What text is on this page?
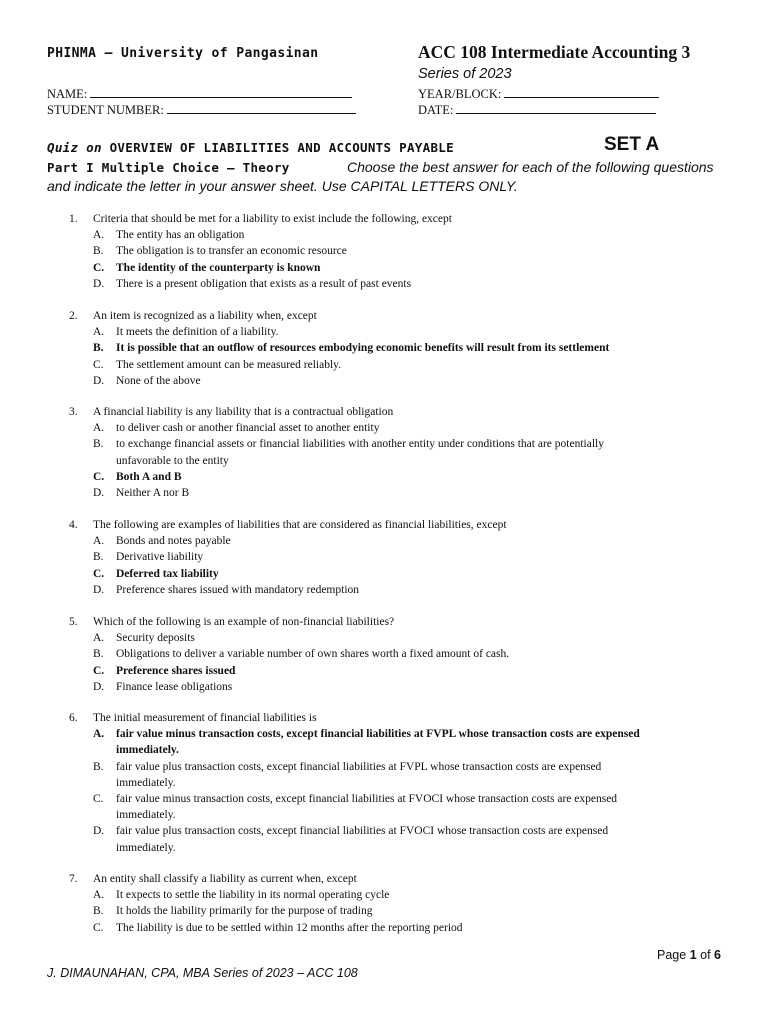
PHINMA – University of Pangasinan	ACC 108 Intermediate Accounting 3
Series of 2023
NAME:
STUDENT NUMBER:
YEAR/BLOCK:
DATE:
Quiz on OVERVIEW OF LIABILITIES AND ACCOUNTS PAYABLE	SET A
Part I Multiple Choice – Theory	Choose the best answer for each of the following questions
and indicate the letter in your answer sheet. Use CAPITAL LETTERS ONLY.
1. Criteria that should be met for a liability to exist include the following, except
A. The entity has an obligation
B. The obligation is to transfer an economic resource
C. The identity of the counterparty is known
D. There is a present obligation that exists as a result of past events
2. An item is recognized as a liability when, except
A. It meets the definition of a liability.
B. It is possible that an outflow of resources embodying economic benefits will result from its settlement
C. The settlement amount can be measured reliably.
D. None of the above
3. A financial liability is any liability that is a contractual obligation
A. to deliver cash or another financial asset to another entity
B. to exchange financial assets or financial liabilities with another entity under conditions that are potentially
unfavorable to the entity
C. Both A and B
D. Neither A nor B
4. The following are examples of liabilities that are considered as financial liabilities, except
A. Bonds and notes payable
B. Derivative liability
C. Deferred tax liability
D. Preference shares issued with mandatory redemption
5. Which of the following is an example of non-financial liabilities?
A. Security deposits
B. Obligations to deliver a variable number of own shares worth a fixed amount of cash.
C. Preference shares issued
D. Finance lease obligations
6. The initial measurement of financial liabilities is
A. fair value minus transaction costs, except financial liabilities at FVPL whose transaction costs are expensed
immediately.
B. fair value plus transaction costs, except financial liabilities at FVPL whose transaction costs are expensed
immediately.
C. fair value minus transaction costs, except financial liabilities at FVOCI whose transaction costs are expensed
immediately.
D. fair value plus transaction costs, except financial liabilities at FVOCI whose transaction costs are expensed
immediately.
7. An entity shall classify a liability as current when, except
A. It expects to settle the liability in its normal operating cycle
B. It holds the liability primarily for the purpose of trading
C. The liability is due to be settled within 12 months after the reporting period
Page 1 of 6
J. DIMAUNAHAN, CPA, MBA Series of 2023 – ACC 108
